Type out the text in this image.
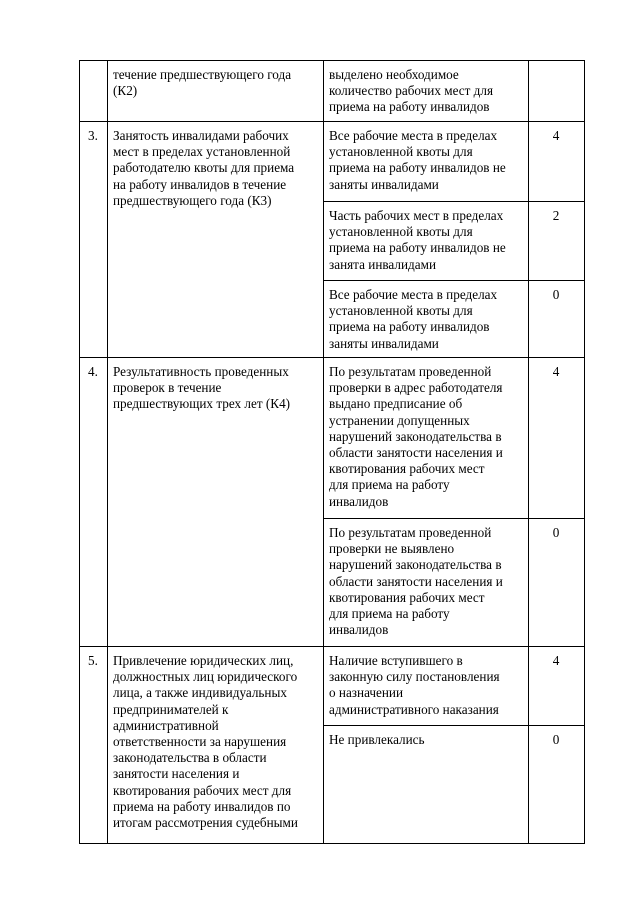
течение предшествующего года
(К2)
выделено необходимое
количество рабочих мест для
приема на работу инвалидов
3. Занятость инвалидами рабочих
мест в пределах установленной
работодателю квоты для приема
на работу инвалидов в течение
предшествующего года (К3)
Все рабочие места в пределах
установленной квоты для
приема на работу инвалидов не
заняты инвалидами
4
Часть рабочих мест в пределах
установленной квоты для
приема на работу инвалидов не
занята инвалидами
2
Все рабочие места в пределах
установленной квоты для
приема на работу инвалидов
заняты инвалидами
0
4. Результативность проведенных
проверок в течение
предшествующих трех лет (К4)
По результатам проведенной
проверки в адрес работодателя
выдано предписание об
устранении допущенных
нарушений законодательства в
области занятости населения и
квотирования рабочих мест
для приема на работу
инвалидов
4
По результатам проведенной
проверки не выявлено
нарушений законодательства в
области занятости населения и
квотирования рабочих мест
для приема на работу
инвалидов
0
5. Привлечение юридических лиц,
должностных лиц юридического
лица, а также индивидуальных
предпринимателей к
административной
ответственности за нарушения
законодательства в области
занятости населения и
квотирования рабочих мест для
приема на работу инвалидов по
итогам рассмотрения судебными
Наличие вступившего в
законную силу постановления
о назначении
административного наказания
4
Не привлекались	0
